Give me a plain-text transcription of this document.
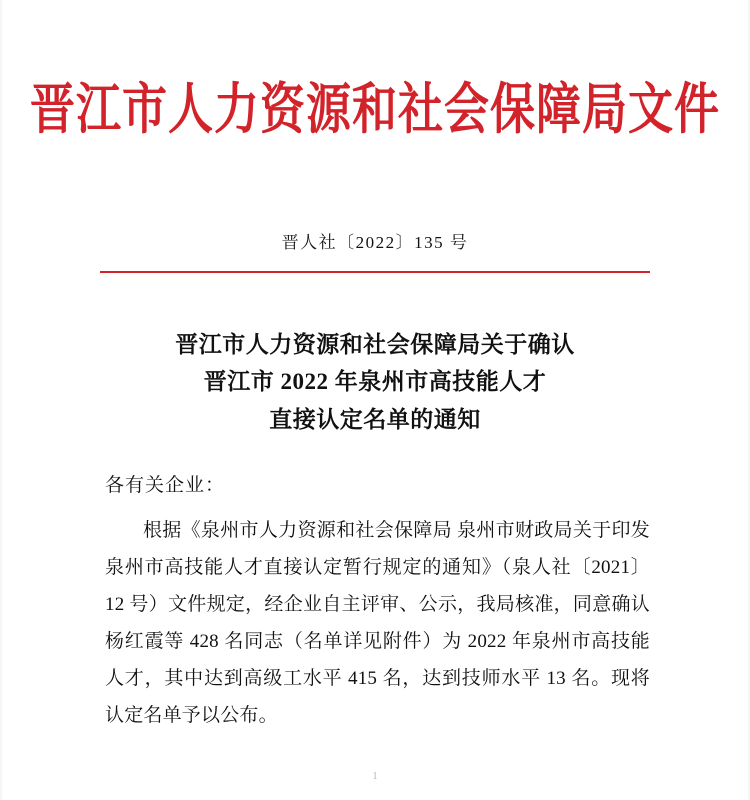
晋江市人力资源和社会保障局文件
晋人社〔2022〕135 号
晋江市人力资源和社会保障局关于确认
晋江市 2022 年泉州市高技能人才
直接认定名单的通知
各有关企业：

根据《泉州市人力资源和社会保障局 泉州市财政局关于印发泉州市高技能人才直接认定暂行规定的通知》（泉人社〔2021〕12 号）文件规定，经企业自主评审、公示，我局核准，同意确认杨红霞等 428 名同志（名单详见附件）为 2022 年泉州市高技能人才，其中达到高级工水平 415 名，达到技师水平 13 名。现将认定名单予以公布。

1
